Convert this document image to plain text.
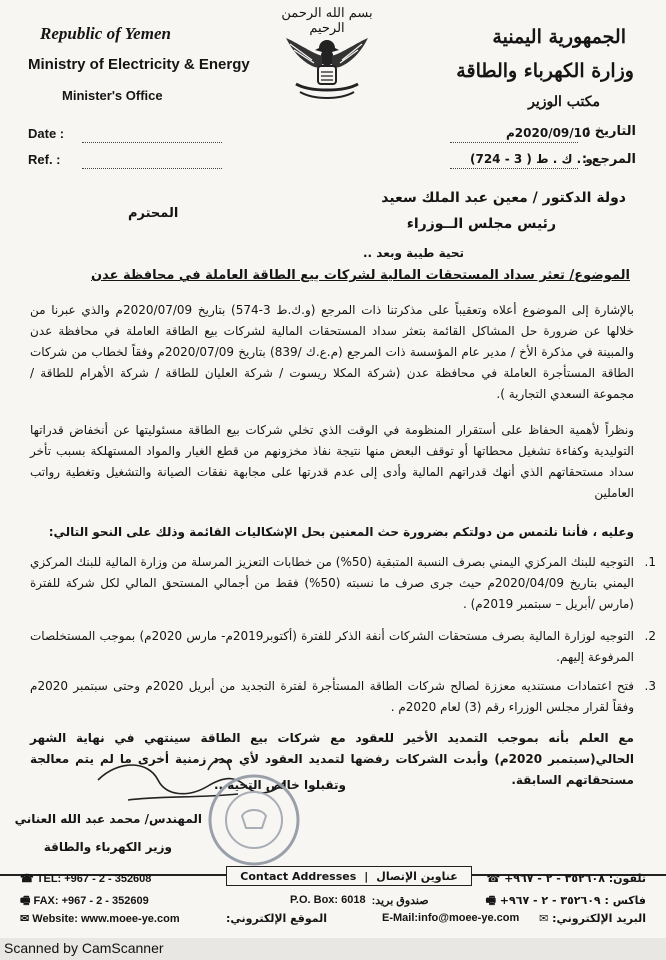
Republic of Yemen
Ministry of Electricity & Energy
Minister's Office
بسم الله الرحمن الرحيم	الجمهورية اليمنية
وزارة الكهرباء والطاقة
مكتب الوزير
Date :
Ref. :
التاريخ :
2020/09/10م
المرجع :
و . ك . ط ( 3 - 724)
دولة الدكتور / معين عبد الملك سعيد
رئيس مجلس الــوزراء
المحترم
تحية طيبة وبعد ..
الموضوع/ تعثر سداد المستحقات المالية لشركات بيع الطاقة العاملة في محافظة عدن
بالإشارة إلى الموضوع أعلاه وتعقيباً على مذكرتنا ذات المرجع (و.ك.ط 3-574) بتاريخ 2020/07/09م والذي عبرنا من خلالها عن ضرورة حل المشاكل القائمة بتعثر سداد المستحقات المالية لشركات بيع الطاقة العاملة في محافظة عدن والمبينة في مذكرة الأخ / مدير عام المؤسسة ذات المرجع (م.ع.ك /839) بتاريخ 2020/07/09م وفقاً لخطاب من شركات الطاقة المستأجرة العاملة في محافظة عدن (شركة المكلا ريسوت / شركة العليان للطاقة / شركة الأهرام للطاقة / مجموعة السعدي التجارية ).
ونظراً لأهمية الحفاظ على أستقرار المنظومة في الوقت الذي تخلي شركات بيع الطاقة مسئوليتها عن أنخفاض قدراتها التوليدية وكفاءة تشغيل محطاتها أو توقف البعض منها نتيجة نفاذ مخزونهم من قطع الغيار والمواد المستهلكة بسبب تأخر سداد مستحقاتهم الذي أنهك قدراتهم المالية وأدى إلى عدم قدرتها على مجابهة نفقات الصيانة والتشغيل وتغطية رواتب العاملين
وعليه ، فأننا نلتمس من دولتكم بضرورة حث المعنين بحل الإشكاليات القائمة وذلك على النحو التالي:
1.
التوجيه للبنك المركزي اليمني بصرف النسبة المتبقية (50%) من خطابات التعزيز المرسلة من وزارة المالية للبنك المركزي اليمني بتاريخ 2020/04/09م حيث جرى صرف ما نسبته (50%) فقط من أجمالي المستحق المالي لكل شركة للفترة (مارس /أبريل – سبتمبر 2019م) .
2.
التوجيه لوزارة المالية بصرف مستحقات الشركات أنفة الذكر للفترة (أكتوبر2019م- مارس 2020م) بموجب المستخلصات المرفوعة إليهم.
3.
فتح اعتمادات مستنديه معززة لصالح شركات الطاقة المستأجرة لفترة التجديد من أبريل 2020م وحتى سبتمبر 2020م وفقاً لقرار مجلس الوزراء رقم (3) لعام 2020م .
مع العلم بأنه بموجب التمديد الأخير للعقود مع شركات بيع الطاقة سينتهي في نهاية الشهر الحالي(سبتمبر 2020م) وأبدت الشركات رفضها لتمديد العقود لأي مدد زمنية أخرى ما لم يتم معالجة مستحقاتهم السابقة.
وتقبلوا خالص التحية ..
المهندس/ محمد عبد الله العناني
وزير الكهرباء والطاقة
Contact Addresses | عناوين الإتصال
☎ TEL: +967 - 2 - 352608
🖷 FAX: +967 - 2 - 352609
✉ Website: www.moee-ye.com
P.O. Box: 6018 صندوق بريد:
الموقع الإلكتروني:	E-Mail:info@moee-ye.com
تلفون: ٣٥٢٦٠٨ - ٢ - ٩٦٧+ ☎
فاكس : ٣٥٢٦٠٩ - ٢ - ٩٦٧+ 🖷
البريد الإلكتروني: ✉
Scanned by CamScanner
